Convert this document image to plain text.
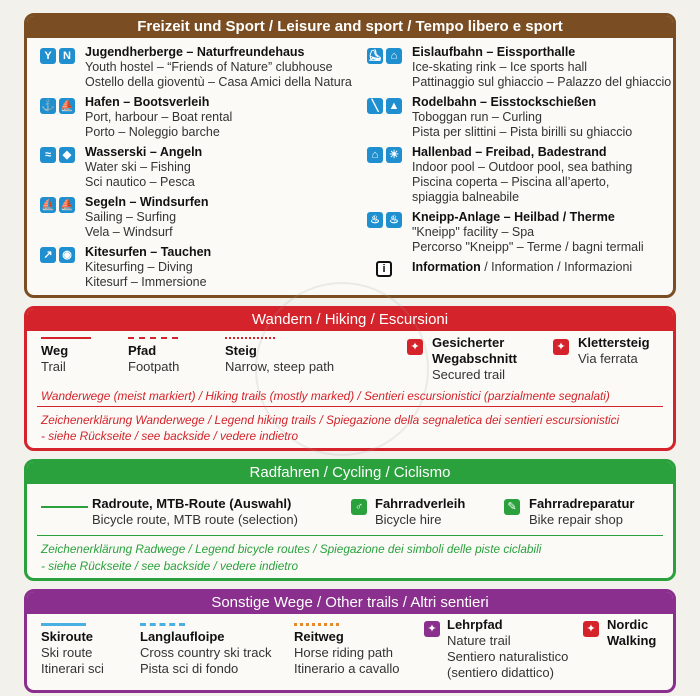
Freizeit und Sport / Leisure and sport / Tempo libero e sport
Y	N	Jugendherberge – Naturfreundehaus
Youth hostel – “Friends of Nature” clubhouse
Ostello della gioventù – Casa Amici della Natura
⚓ ⛵ Hafen – Bootsverleih
Port, harbour – Boat rental
Porto – Noleggio barche
≈	◆	Wasserski – Angeln
Water ski – Fishing
Sci nautico – Pesca
⛵ ⛵ Segeln – Windsurfen
Sailing – Surfing
Vela – Windsurf
↗ ◉ Kitesurfen – Tauchen
Kitesurfing – Diving
Kitesurf – Immersione
⛸ ⌂	Eislaufbahn – Eissporthalle
Ice-skating rink – Ice sports hall
Pattinaggio sul ghiaccio – Palazzo del ghiaccio
╲ ▲ Rodelbahn – Eisstockschießen
Toboggan run – Curling
Pista per slittini – Pista birilli su ghiaccio
⌂ ☀ Hallenbad – Freibad, Badestrand
Indoor pool – Outdoor pool, sea bathing
Piscina coperta – Piscina all’aperto,
spiaggia balneabile
♨ ♨ Kneipp-Anlage – Heilbad / Therme
"Kneipp" facility – Spa
Percorso "Kneipp" – Terme / bagni termali
i	Information / Information / Informazioni
Wandern / Hiking / Escursioni
Weg
Trail
Pfad
Footpath
Steig
Narrow, steep path
✦ Gesicherter
Wegabschnitt
Secured trail
✦ Klettersteig
Via ferrata
Wanderwege (meist markiert) / Hiking trails (mostly marked) / Sentieri escursionistici (parzialmente segnalati)
Zeichenerklärung Wanderwege / Legend hiking trails / Spiegazione della segnaletica dei sentieri escursionistici
- siehe Rückseite / see backside / vedere indietro
Radfahren / Cycling / Ciclismo
Radroute, MTB-Route (Auswahl)
Bicycle route, MTB route (selection)
♂ Fahrradverleih
Bicycle hire
✎ Fahrradreparatur
Bike repair shop
Zeichenerklärung Radwege / Legend bicycle routes / Spiegazione dei simboli delle piste ciclabili
- siehe Rückseite / see backside / vedere indietro
Sonstige Wege / Other trails / Altri sentieri
Skiroute
Ski route
Itinerari sci
Langlaufloipe
Cross country ski track
Pista sci di fondo
Reitweg
Horse riding path
Itinerario a cavallo
✦ Lehrpfad
Nature trail
Sentiero naturalistico
(sentiero didattico)
✦ Nordic
Walking
